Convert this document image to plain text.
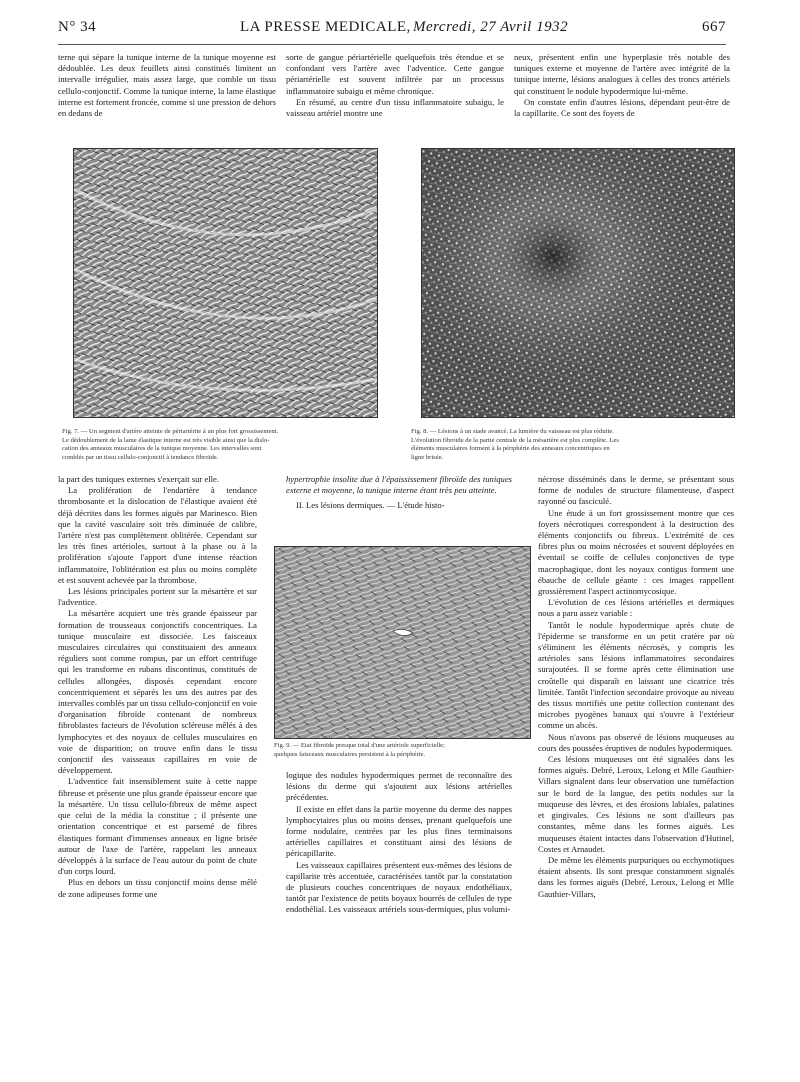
N° 34	LA PRESSE MEDICALE, Mercredi, 27 Avril 1932	667

terne qui sépare la tunique interne de la tunique moyenne est dédoublée. Les deux feuillets ainsi constitués limitent un intervalle irrégulier, mais assez large, que comble un tissu cellulo-conjonctif. Comme la tunique interne, la lame élastique interne est fortement froncée, comme si une pression de dehors en dedans de

sorte de gangue périartérielle quelquefois très étendue et se confondant vers l'artère avec l'adventice. Cette gangue périartérielle est souvent infiltrée par un processus inflammatoire subaigu et même chronique.

En résumé, au centre d'un tissu inflammatoire subaigu, le vaisseau artériel montre une

neux, présentent enfin une hyperplasie très notable des tuniques externe et moyenne de l'artère avec intégrité de la tunique interne, lésions analogues à celles des troncs artériels qui constituent le nodule hypodermique lui-même.

On constate enfin d'autres lésions, dépendant peut-être de la capillarite. Ce sont des foyers de

Fig. 7. — Un segment d'artère atteinte de périartérite à un plus fort grossissement.
Le dédoublement de la lame élastique interne est très visible ainsi que la dislo-
cation des anneaux musculaires de la tunique moyenne. Les intervalles sont
comblés par un tissu cellulo-conjonctif à tendance fibroïde.
Fig. 8. — Lésions à un stade avancé. La lumière du vaisseau est plus réduite.
L'évolution fibroïde de la partie centrale de la mésartère est plus complète. Les
éléments musculaires forment à la périphérie des anneaux concentriques en
ligne brisée.

la part des tuniques externes s'exerçait sur elle.

La prolifération de l'endartère à tendance thrombosante et la dislocation de l'élastique avaient été déjà décrites dans les formes aiguës par Marinesco. Bien que la cavité vasculaire soit très diminuée de calibre, l'artère n'est pas complètement oblitérée. Cependant sur les très fines artérioles, surtout à la phase ou à la prolifération s'ajoute l'apport d'une intense réaction inflammatoire, l'oblitération est plus ou moins complète et est souvent achevée par la thrombose.

Les lésions principales portent sur la mésartère et sur l'adventice.

La mésartère acquiert une très grande épaisseur par formation de trousseaux conjonctifs concentriques. La tunique musculaire est dissociée. Les faisceaux musculaires circulaires qui constituaient des anneaux réguliers sont comme rompus, par un effort centrifuge qui les transforme en rubans discontinus, constitués de cellules allongées, disposés cependant encore concentriquement et séparés les uns des autres par des intervalles comblés par un tissu cellulo-conjonctif en voie d'organisation fibroïde contenant de nombreux fibroblastes facteurs de l'évolution scléreuse mêlés à des lymphocytes et des noyaux de cellules musculaires en voie de disparition; on trouve enfin dans le tissu conjonctif des vaisseaux capillaires en voie de développement.

L'adventice fait insensiblement suite à cette nappe fibreuse et présente une plus grande épaisseur encore que la mésartère. Un tissu cellulo-fibreux de même aspect que celui de la média la constitue ; il présente une orientation concentrique et est parsemé de fibres élastiques formant d'immenses anneaux en ligne brisée autour de l'axe de l'artère, rappelant les anneaux développés à la surface de l'eau autour du point de chute d'un corps lourd.

Plus en dehors un tissu conjonctif moins dense mêlé de zone adipeuses forme une

hypertrophie insolite due à l'épaississement fibroïde des tuniques externe et moyenne, la tunique interne étant très peu atteinte.

II. Les lésions dermiques. — L'étude histo-

Fig. 9. — Etat fibroïde presque total d'une artériole superficielle;
quelques faisceaux musculaires persistent à la périphérie.

logique des nodules hypodermiques permet de reconnaître des lésions du derme qui s'ajoutent aux lésions artérielles précédentes.

Il existe en effet dans la partie moyenne du derme des nappes lymphocytaires plus ou moins denses, prenant quelquefois une forme nodulaire, centrées par les plus fines terminaisons artérielles capillaires et constituant ainsi des lésions de péricapillarite.

Les vaisseaux capillaires présentent eux-mêmes des lésions de capillarite très accentuée, caractérisées tantôt par la constatation de plusieurs couches concentriques de noyaux endothéliaux, tantôt par l'existence de petits boyaux bourrés de cellules de type endothélial. Les vaisseaux artériels sous-dermiques, plus volumi-

nécrose disséminés dans le derme, se présentant sous forme de nodules de structure filamenteuse, d'aspect rayonné ou fasciculé.

Une étude à un fort grossissement montre que ces foyers nécrotiques correspondent à la destruction des éléments conjonctifs ou fibreux. L'extrémité de ces fibres plus ou moins nécrosées et souvent déployées en éventail se coiffe de cellules conjonctives de type macrophagique, dont les noyaux contigus forment une ébauche de cellule géante : ces images rappellent grossièrement l'aspect actinomycosique.

L'évolution de ces lésions artérielles et dermiques nous a paru assez variable :

Tantôt le nodule hypodermique après chute de l'épiderme se transforme en un petit cratère par où s'éliminent les éléments nécrosés, y compris les artérioles sans lésions inflammatoires secondaires surajoutées. Il se forme après cette élimination une croûtelle qui disparaît en laissant une cicatrice très limitée. Tantôt l'infection secondaire provoque au niveau des tissus mortifiés une petite collection contenant des microbes pyogènes banaux qui s'ouvre à l'extérieur comme un abcès.

Nous n'avons pas observé de lésions muqueuses au cours des poussées éruptives de nodules hypodermiques.

Ces lésions muqueuses ont été signalées dans les formes aiguës. Debré, Leroux, Lelong et Mlle Gauthier-Villars signalent dans leur observation une tuméfaction sur le bord de la langue, des petits nodules sur la muqueuse des lèvres, et des érosions labiales, palatines et gingivales. Ces lésions ne sont d'ailleurs pas constantes, même dans les formes aiguës. Les muqueuses étaient intactes dans l'observation d'Hutinel, Costes et Arnaudet.

De même les éléments purpuriques ou ecchymotiques étaient absents. Ils sont presque constamment signalés dans les formes aiguës (Debré, Leroux, Lelong et Mlle Gauthier-Villars,
